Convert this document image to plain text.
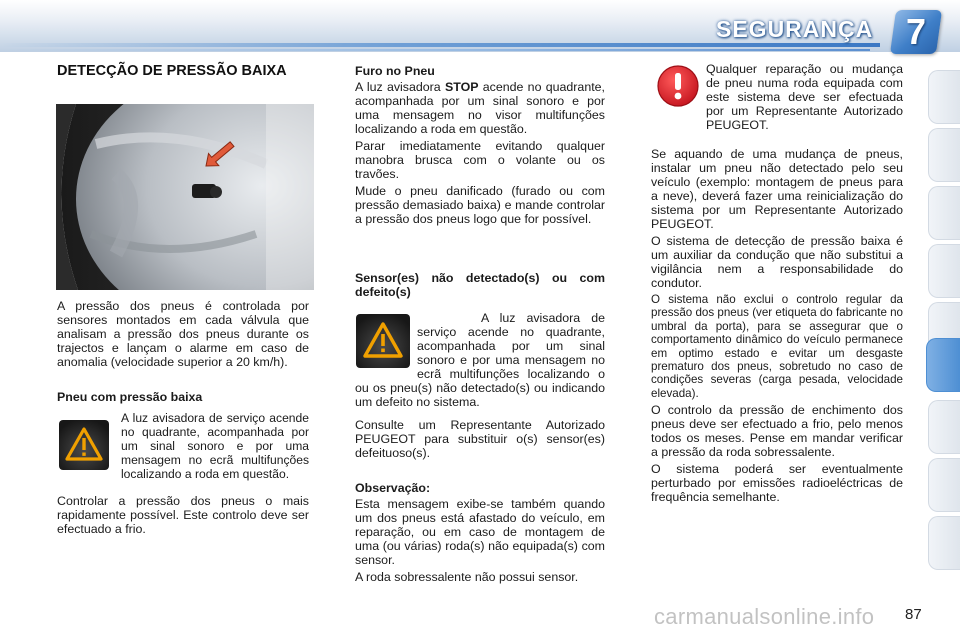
SEGURANÇA 7
DETECÇÃO DE PRESSÃO BAIXA

A pressão dos pneus é controlada por sensores montados em cada válvula que analisam a pressão dos pneus durante os trajectos e lançam o alarme em caso de anomalia (velocidade superior a 20 km/h).

Pneu com pressão baixa
A luz avisadora de serviço acende no quadrante, acompanhada por um sinal sonoro e por uma mensagem no ecrã multifunções localizando a roda em questão.
Controlar a pressão dos pneus o mais rapidamente possível. Este controlo deve ser efectuado a frio.
Furo no Pneu

A luz avisadora STOP acende no quadrante, acompanhada por um sinal sonoro e por uma mensagem no visor multifunções localizando a roda em questão.

Parar imediatamente evitando qualquer manobra brusca com o volante ou os travões.

Mude o pneu danificado (furado ou com pressão demasiado baixa) e mande controlar a pressão dos pneus logo que for possível.

Sensor(es) não detectado(s) ou com defeito(s)

A luz avisadora de serviço acende no quadrante, acompanhada por um sinal sonoro e por uma mensagem no ecrã multifunções localizando o ou os pneu(s) não detectado(s) ou indicando um defeito no sistema.

Consulte um Representante Autorizado PEUGEOT para substituir o(s) sensor(es) defeituoso(s).
Observação:

Esta mensagem exibe-se também quando um dos pneus está afastado do veículo, em reparação, ou em caso de montagem de uma (ou várias) roda(s) não equipada(s) com sensor.

A roda sobressalente não possui sensor.

Qualquer reparação ou mudança de pneu numa roda equipada com este sistema deve ser efectuada por um Representante Autorizado PEUGEOT.

Se aquando de uma mudança de pneus, instalar um pneu não detectado pelo seu veículo (exemplo: montagem de pneus para a neve), deverá fazer uma reinicialização do sistema por um Representante Autorizado PEUGEOT.

O sistema de detecção de pressão baixa é um auxiliar da condução que não substitui a vigilância nem a responsabilidade do condutor.

O sistema não exclui o controlo regular da pressão dos pneus (ver etiqueta do fabricante no umbral da porta), para se assegurar que o comportamento dinâmico do veículo permanece em optimo estado e evitar um desgaste prematuro dos pneus, sobretudo no caso de condições severas (carga pesada, velocidade elevada).

O controlo da pressão de enchimento dos pneus deve ser efectuado a frio, pelo menos todos os meses. Pense em mandar verificar a pressão da roda sobressalente.

O sistema poderá ser eventualmente perturbado por emissões radioeléctricas de frequência semelhante.

carmanualsonline.info 87
